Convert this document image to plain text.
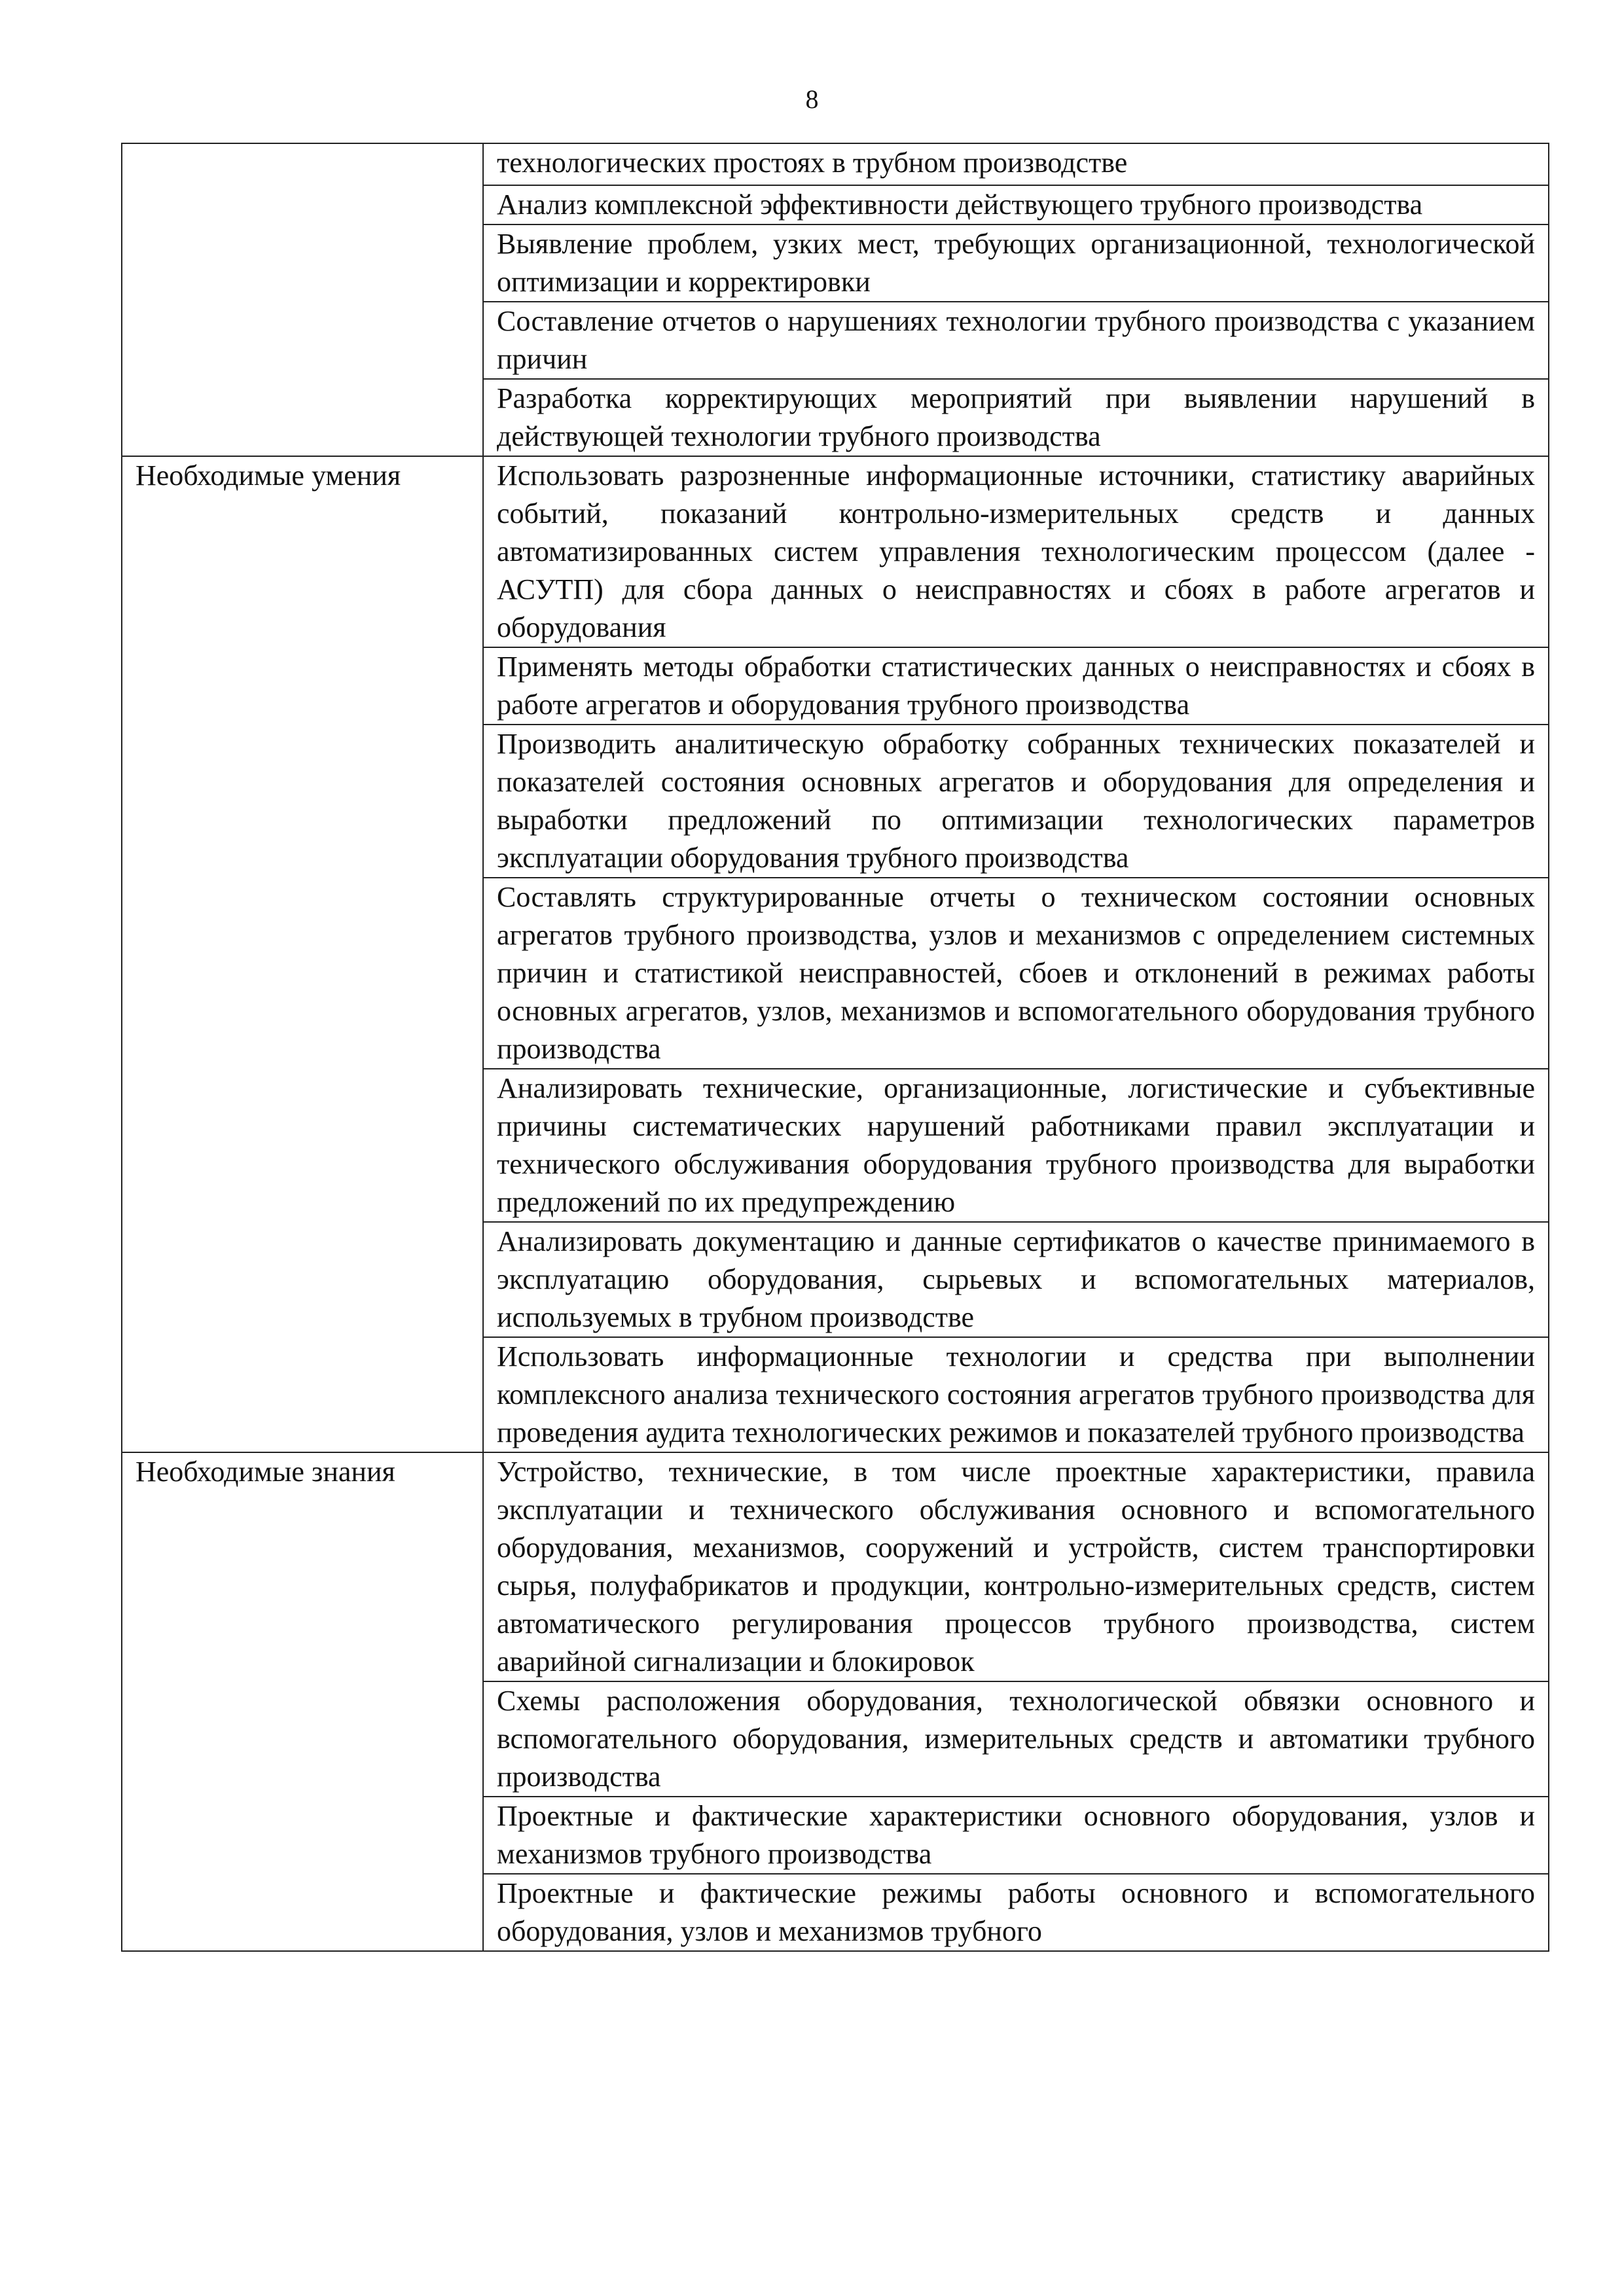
8
	технологических простоях в трубном производстве
	Анализ комплексной эффективности действующего трубного производства
	Выявление проблем, узких мест, требующих организационной, технологической оптимизации и корректировки
	Составление отчетов о нарушениях технологии трубного производства с указанием причин
	Разработка корректирующих мероприятий при выявлении нарушений в действующей технологии трубного производства
Необходимые умения	Использовать разрозненные информационные источники, статистику аварийных событий, показаний контрольно-измерительных средств и данных автоматизированных систем управления технологическим процессом (далее - АСУТП) для сбора данных о неисправностях и сбоях в работе агрегатов и оборудования
	Применять методы обработки статистических данных о неисправностях и сбоях в работе агрегатов и оборудования трубного производства
	Производить аналитическую обработку собранных технических показателей и показателей состояния основных агрегатов и оборудования для определения и выработки предложений по оптимизации технологических параметров эксплуатации оборудования трубного производства
	Составлять структурированные отчеты о техническом состоянии основных агрегатов трубного производства, узлов и механизмов с определением системных причин и статистикой неисправностей, сбоев и отклонений в режимах работы основных агрегатов, узлов, механизмов и вспомогательного оборудования трубного производства
	Анализировать технические, организационные, логистические и субъективные причины систематических нарушений работниками правил эксплуатации и технического обслуживания оборудования трубного производства для выработки предложений по их предупреждению
	Анализировать документацию и данные сертификатов о качестве принимаемого в эксплуатацию оборудования, сырьевых и вспомогательных материалов, используемых в трубном производстве
	Использовать информационные технологии и средства при выполнении комплексного анализа технического состояния агрегатов трубного производства для проведения аудита технологических режимов и показателей трубного производства
Необходимые знания	Устройство, технические, в том числе проектные характеристики, правила эксплуатации и технического обслуживания основного и вспомогательного оборудования, механизмов, сооружений и устройств, систем транспортировки сырья, полуфабрикатов и продукции, контрольно-измерительных средств, систем автоматического регулирования процессов трубного производства, систем аварийной сигнализации и блокировок
	Схемы расположения оборудования, технологической обвязки основного и вспомогательного оборудования, измерительных средств и автоматики трубного производства
	Проектные и фактические характеристики основного оборудования, узлов и механизмов трубного производства
	Проектные и фактические режимы работы основного и вспомогательного оборудования, узлов и механизмов трубного
